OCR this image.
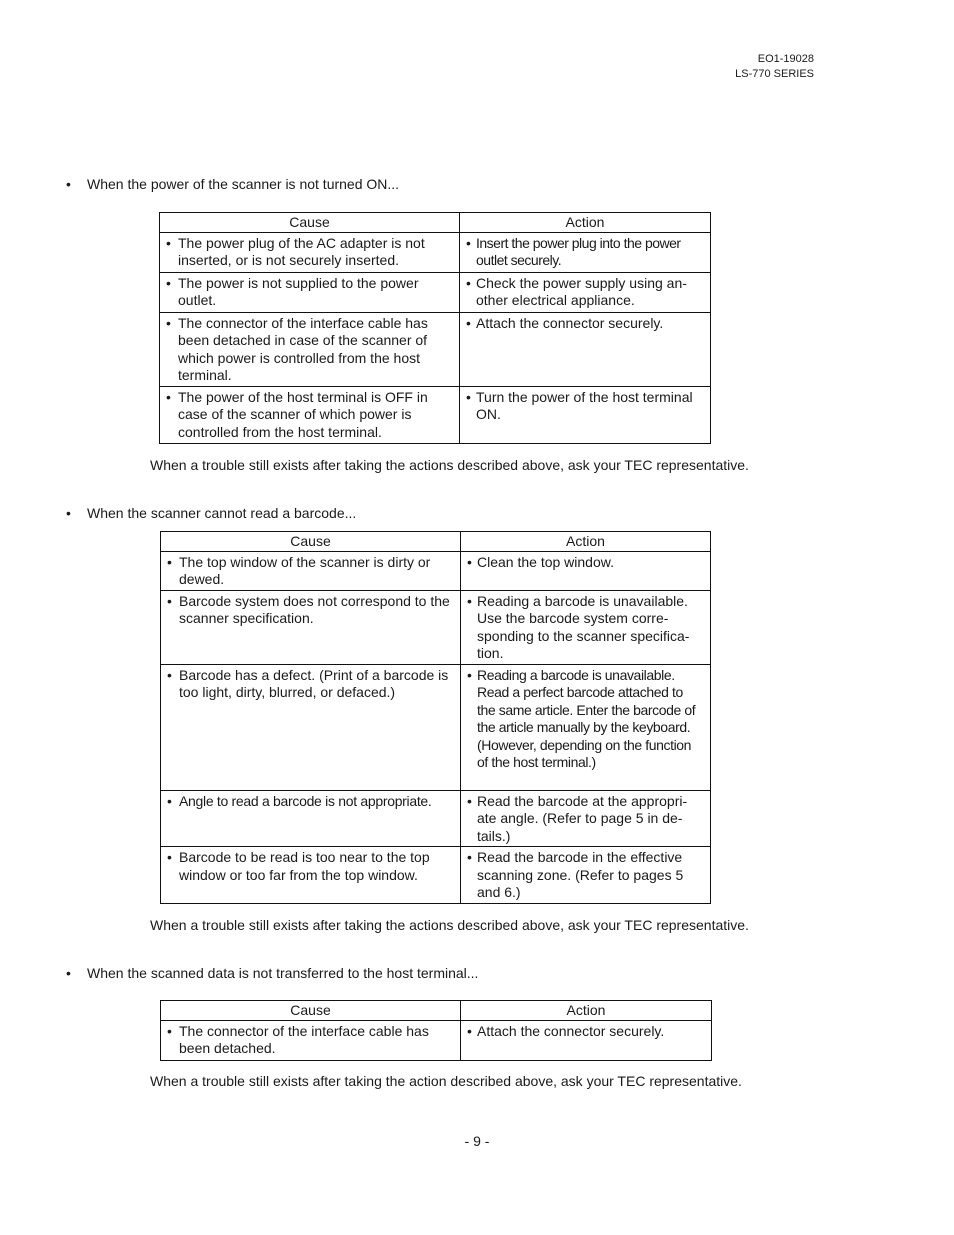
EO1-19028
LS-770 SERIES
• When the power of the scanner is not turned ON...
Cause	Action

• The power plug of the AC adapter is not inserted, or is not securely inserted.	• Insert the power plug into the power outlet securely.

• The power is not supplied to the power outlet.	• Check the power supply using an-other electrical appliance.

• The connector of the interface cable has been detached in case of the scanner of which power is controlled from the host terminal.	• Attach the connector securely.

• The power of the host terminal is OFF in case of the scanner of which power is controlled from the host terminal.	• Turn the power of the host terminal ON.
When a trouble still exists after taking the actions described above, ask your TEC representative.
• When the scanner cannot read a barcode...
Cause	Action

• The top window of the scanner is dirty or dewed.	• Clean the top window.

• Barcode system does not correspond to the scanner specification.	• Reading a barcode is unavailable. Use the barcode system corre-sponding to the scanner specifica-tion.

• Barcode has a defect. (Print of a barcode is too light, dirty, blurred, or defaced.)	• Reading a barcode is unavailable. Read a perfect barcode attached to the same article. Enter the barcode of the article manually by the keyboard. (However, depending on the function of the host terminal.)

• Angle to read a barcode is not appropriate.	• Read the barcode at the appropri-ate angle. (Refer to page 5 in de-tails.)

• Barcode to be read is too near to the top window or too far from the top window.	• Read the barcode in the effective scanning zone. (Refer to pages 5 and 6.)
When a trouble still exists after taking the actions described above, ask your TEC representative.
• When the scanned data is not transferred to the host terminal...
Cause	Action

• The connector of the interface cable has been detached.	• Attach the connector securely.
When a trouble still exists after taking the action described above, ask your TEC representative.
- 9 -
